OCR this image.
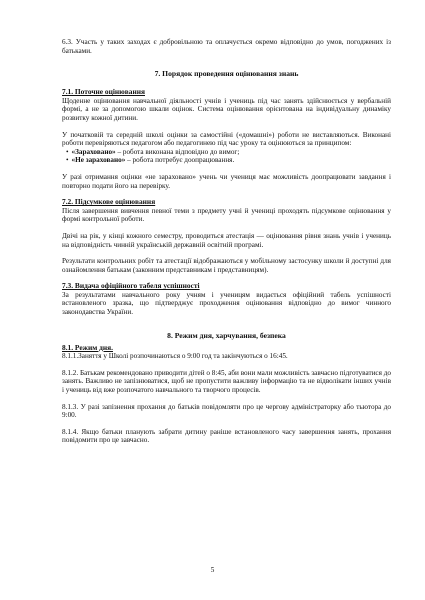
6.3. Участь у таких заходах є добровільною та оплачується окремо відповідно до умов, погоджених із батьками.

7. Порядок проведення оцінювання знань

7.1. Поточне оцінювання

Щоденне оцінювання навчальної діяльності учнів і учениць під час занять здійснюється у вербальній формі, а не за допомогою шкали оцінок. Система оцінювання орієнтована на індивідуальну динаміку розвитку кожної дитини.

У початковій та середній школі оцінки за самостійні («домашні») роботи не виставляються. Виконані роботи перевіряються педагогом або педагогинею під час уроку та оцінюються за принципом:

• «Зараховано» – робота виконана відповідно до вимог;
• «Не зараховано» – робота потребує доопрацювання.

У разі отримання оцінки «не зараховано» учень чи учениця має можливість доопрацювати завдання і повторно подати його на перевірку.

7.2. Підсумкове оцінювання

Після завершення вивчення певної теми з предмету учні й учениці проходять підсумкове оцінювання у формі контрольної роботи.

Двічі на рік, у кінці кожного семестру, проводиться атестація — оцінювання рівня знань учнів і учениць на відповідність чинній українській державній освітній програмі.

Результати контрольних робіт та атестації відображаються у мобільному застосунку школи й доступні для ознайомлення батькам (законним представникам і представницям).

7.3. Видача офіційного табеля успішності

За результатами навчального року учням і ученицям видається офіційний табель успішності встановленого зразка, що підтверджує проходження оцінювання відповідно до вимог чинного законодавства України.

8. Режим дня, харчування, безпека

8.1. Режим дня.

8.1.1.Заняття у Школі розпочинаються о 9:00 год та закінчуються о 16:45.

8.1.2. Батькам рекомендовано приводити дітей о 8:45, аби вони мали можливість завчасно підготуватися до занять. Важливо не запізнюватися, щоб не пропустити важливу інформацію та не відволікати інших учнів і учениць від вже розпочатого навчального та творчого процесів.

8.1.3. У разі запізнення прохання до батьків повідомляти про це чергову адміністраторку або тьютора до 9:00.

8.1.4. Якщо батьки планують забрати дитину раніше встановленого часу завершення занять, прохання повідомити про це завчасно.

5
